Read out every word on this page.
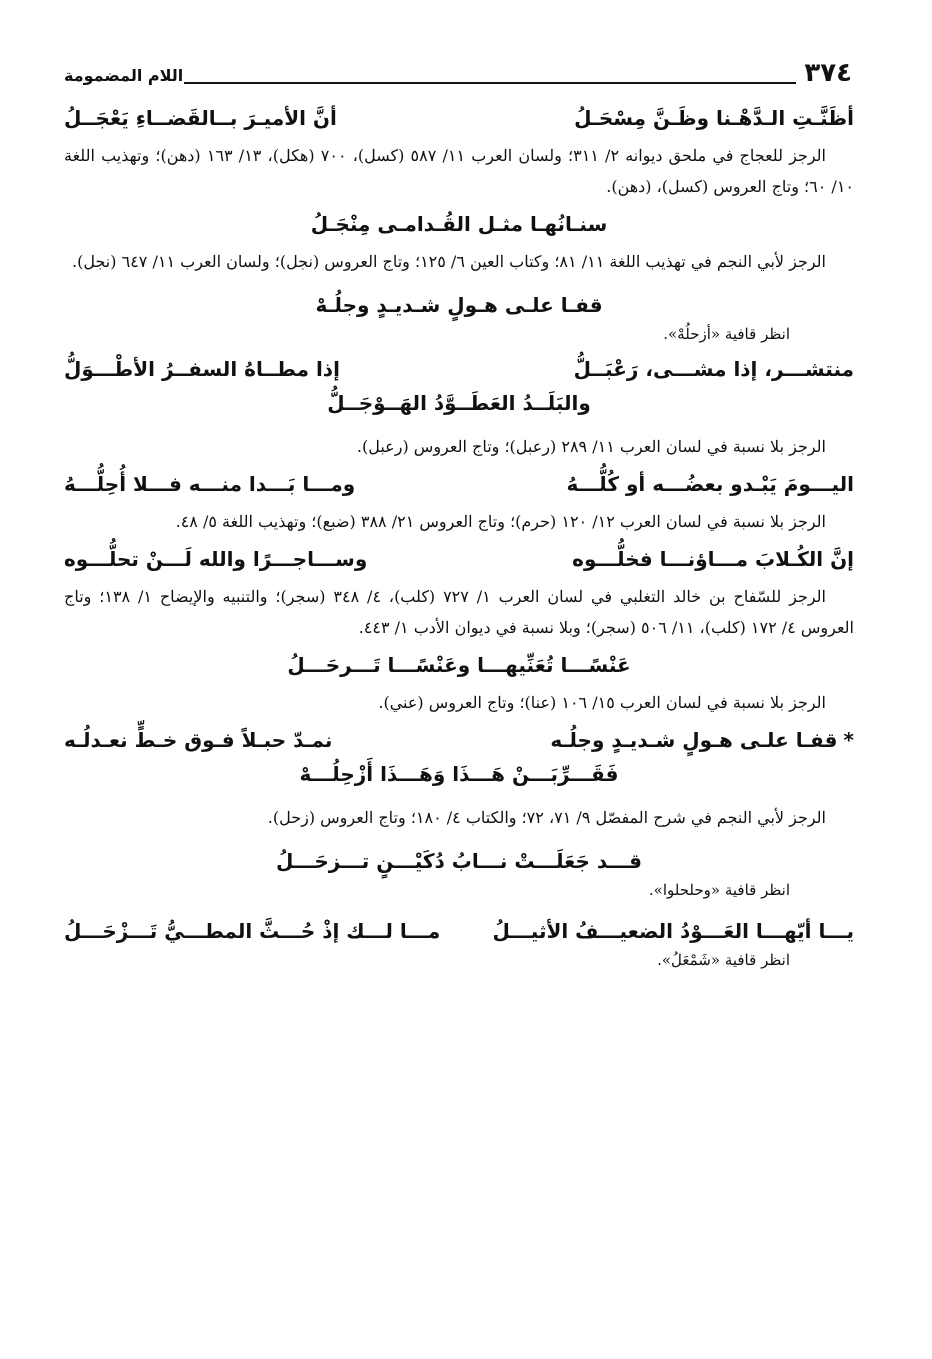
٣٧٤
اللام المضمومة
أظَنَّـتِ الـدَّهْـنا وظَـنَّ مِسْحَـلُ
أنَّ الأميـرَ بــالقَضــاءِ يَعْجَــلُ

الرجز للعجاج في ملحق ديوانه ٢/ ٣١١؛ ولسان العرب ١١/ ٥٨٧ (كسل)، ٧٠٠ (هكل)، ١٣/ ١٦٣ (دهن)؛ وتهذيب اللغة ١٠/ ٦٠؛ وتاج العروس (كسل)، (دهن).

سنـانُهـا مثـل القُـدامـى مِنْجَـلُ

الرجز لأبي النجم في تهذيب اللغة ١١/ ٨١؛ وكتاب العين ٦/ ١٢٥؛ وتاج العروس (نجل)؛ ولسان العرب ١١/ ٦٤٧ (نجل).

قفـا علـى هـولٍ شـديـدٍ وجلُـهْ

انظر قافية «أزحلُهْ».

منتشـــر، إذا مشـــى، رَعْبَــلُّ
إذا مطــاهُ السفــرُ الأطْـــوَلُّ
والبَلَــدُ العَطَــوَّدُ الهَــوْجَــلُّ

الرجز بلا نسبة في لسان العرب ١١/ ٢٨٩ (رعبل)؛ وتاج العروس (رعبل).

اليـــومَ يَبْـدو بعضُـــه أو كُلُّـــهُ
ومـــا بَـــدا منـــه فـــلا أُحِلُّـــهُ

الرجز بلا نسبة في لسان العرب ١٢/ ١٢٠ (حرم)؛ وتاج العروس ٢١/ ٣٨٨ (ضبع)؛ وتهذيب اللغة ٥/ ٤٨.

إنَّ الكُـلابَ مـــاؤنـــا فخلُّـــوه
وســـاجـــرًا والله لَـــنْ تحلُّـــوه

الرجز للسّفاح بن خالد التغلبي في لسان العرب ١/ ٧٢٧ (كلب)، ٤/ ٣٤٨ (سجر)؛ والتنبيه والإيضاح ١/ ١٣٨؛ وتاج العروس ٤/ ١٧٢ (كلب)، ١١/ ٥٠٦ (سجر)؛ وبلا نسبة في ديوان الأدب ١/ ٤٤٣.

عَنْسًـــا تُعَنِّيهـــا وعَنْسًـــا تَـــرحَـــلُ

الرجز بلا نسبة في لسان العرب ١٥/ ١٠٦ (عنا)؛ وتاج العروس (عني).

*قفـا علـى هـولٍ شـديـدٍ وجلُـه
نمـدّ حبـلاً فـوق خـطٍّ نعـدلُـه
فَقَـــرِّبَـــنْ هَـــذَا وَهَـــذَا أَزْحِلُـــهْ

الرجز لأبي النجم في شرح المفصّل ٩/ ٧١، ٧٢؛ والكتاب ٤/ ١٨٠؛ وتاج العروس (زحل).

قـــد جَعَلَـــتْ نـــابُ دُكَيْـــنٍ تـــزحَـــلُ

انظر قافية «وحلحلوا».

يـــا أيّهـــا العَـــوْدُ الضعيـــفُ الأثيـــلُ
مـــا لـــك إذْ حُـــثَّ المطـــيُّ تَـــزْحَـــلُ

انظر قافية «شَمْعَلُ».
